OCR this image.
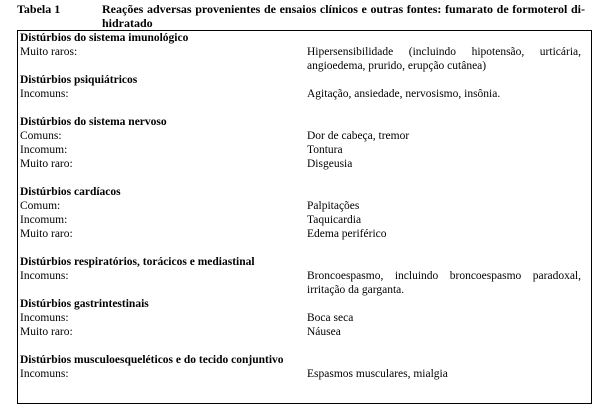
Tabela 1	Reações adversas provenientes de ensaios clínicos e outras fontes: fumarato de formoterol di-hidratado
Distúrbios do sistema imunológico
Muito raros:	Hipersensibilidade (incluindo hipotensão, urticária, angioedema, prurido, erupção cutânea)
Distúrbios psiquiátricos
Incomuns:	Agitação, ansiedade, nervosismo, insônia.
Distúrbios do sistema nervoso
Comuns:	Dor de cabeça, tremor
Incomum:	Tontura
Muito raro:	Disgeusia
Distúrbios cardíacos
Comum:	Palpitações
Incomum:	Taquicardia
Muito raro:	Edema periférico
Distúrbios respiratórios, torácicos e mediastinal
Incomuns:	Broncoespasmo, incluindo broncoespasmo paradoxal, irritação da garganta.
Distúrbios gastrintestinais
Incomuns:	Boca seca
Muito raro:	Náusea
Distúrbios musculoesqueléticos e do tecido conjuntivo
Incomuns:	Espasmos musculares, mialgia
